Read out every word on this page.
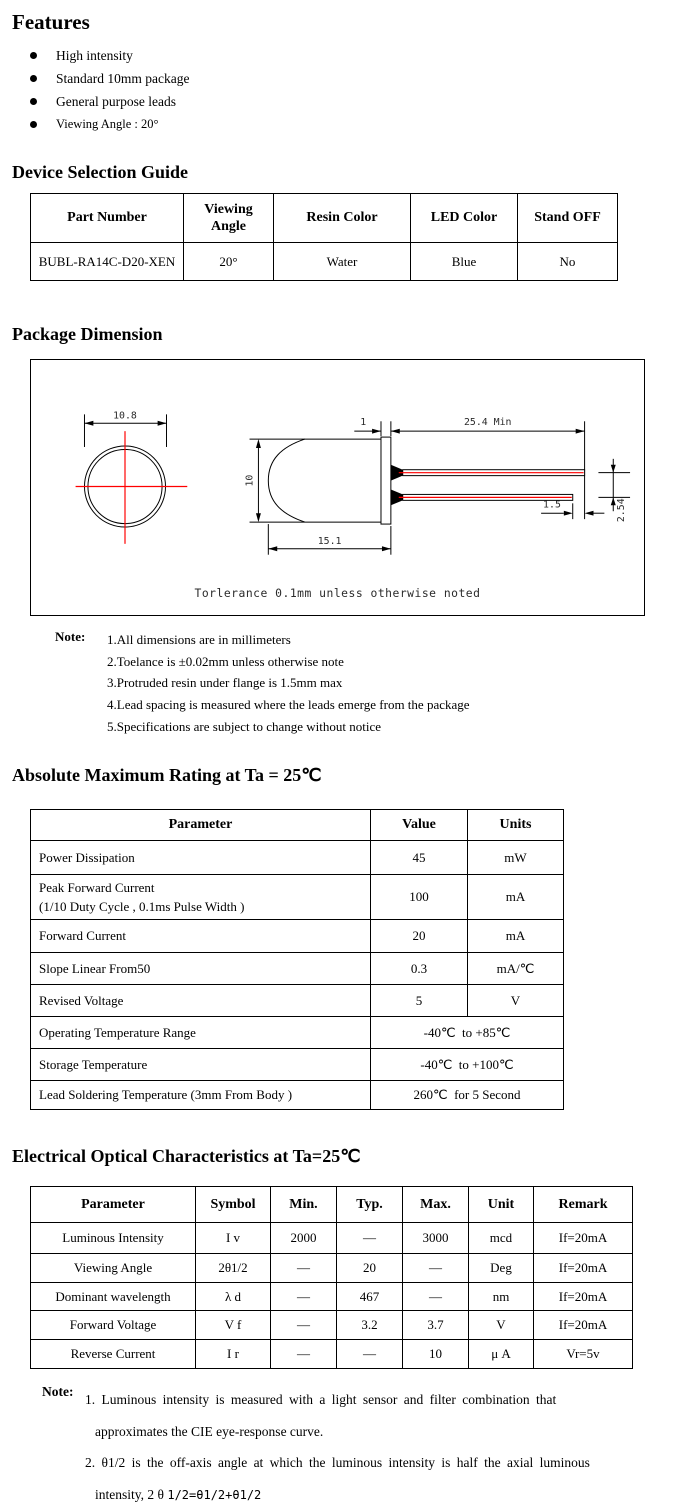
Features
High intensity
Standard 10mm package
General purpose leads
Viewing Angle : 20°
Device Selection Guide
Part Number	Viewing Angle	Resin Color	LED Color	Stand OFF
BUBL-RA14C-D20-XEN	20°	Water	Blue	No
Package Dimension
10.8
10
1	25.4 Min
15.1
1.5	2.54
Torlerance 0.1mm unless otherwise noted
Note: 1.All dimensions are in millimeters
2.Toelance is ±0.02mm unless otherwise note
3.Protruded resin under flange is 1.5mm max
4.Lead spacing is measured where the leads emerge from the package
5.Specifications are subject to change without notice
Absolute Maximum Rating at Ta = 25℃
Parameter	Value	Units
Power Dissipation	45	mW

Peak Forward Current
(1/10 Duty Cycle , 0.1ms Pulse Width )	100	mA
Forward Current	20	mA
Slope Linear From50	0.3	mA/℃
Revised Voltage	5	V
Operating Temperature Range	-40℃  to +85℃	
Storage Temperature	-40℃  to +100℃	
Lead Soldering Temperature (3mm From Body )	260℃  for 5 Second	
Electrical Optical Characteristics at Ta=25℃
Parameter	Symbol	Min.	Typ.	Max.	Unit	Remark
Luminous Intensity	I v	2000	—	3000	mcd	If=20mA
Viewing Angle	2θ1/2	—	20	—	Deg	If=20mA
Dominant wavelength	λ d	—	467	—	nm	If=20mA
Forward Voltage	V f	—	3.2	3.7	V	If=20mA
Reverse Current	I r	—	—	10	μ A	Vr=5v
Note:
1. Luminous intensity is measured with a light sensor and filter combination that
approximates the CIE eye-response curve.
2. θ1/2 is the off-axis angle at which the luminous intensity is half the axial luminous
intensity, 2 θ 1/2=θ1/2+θ1/2
